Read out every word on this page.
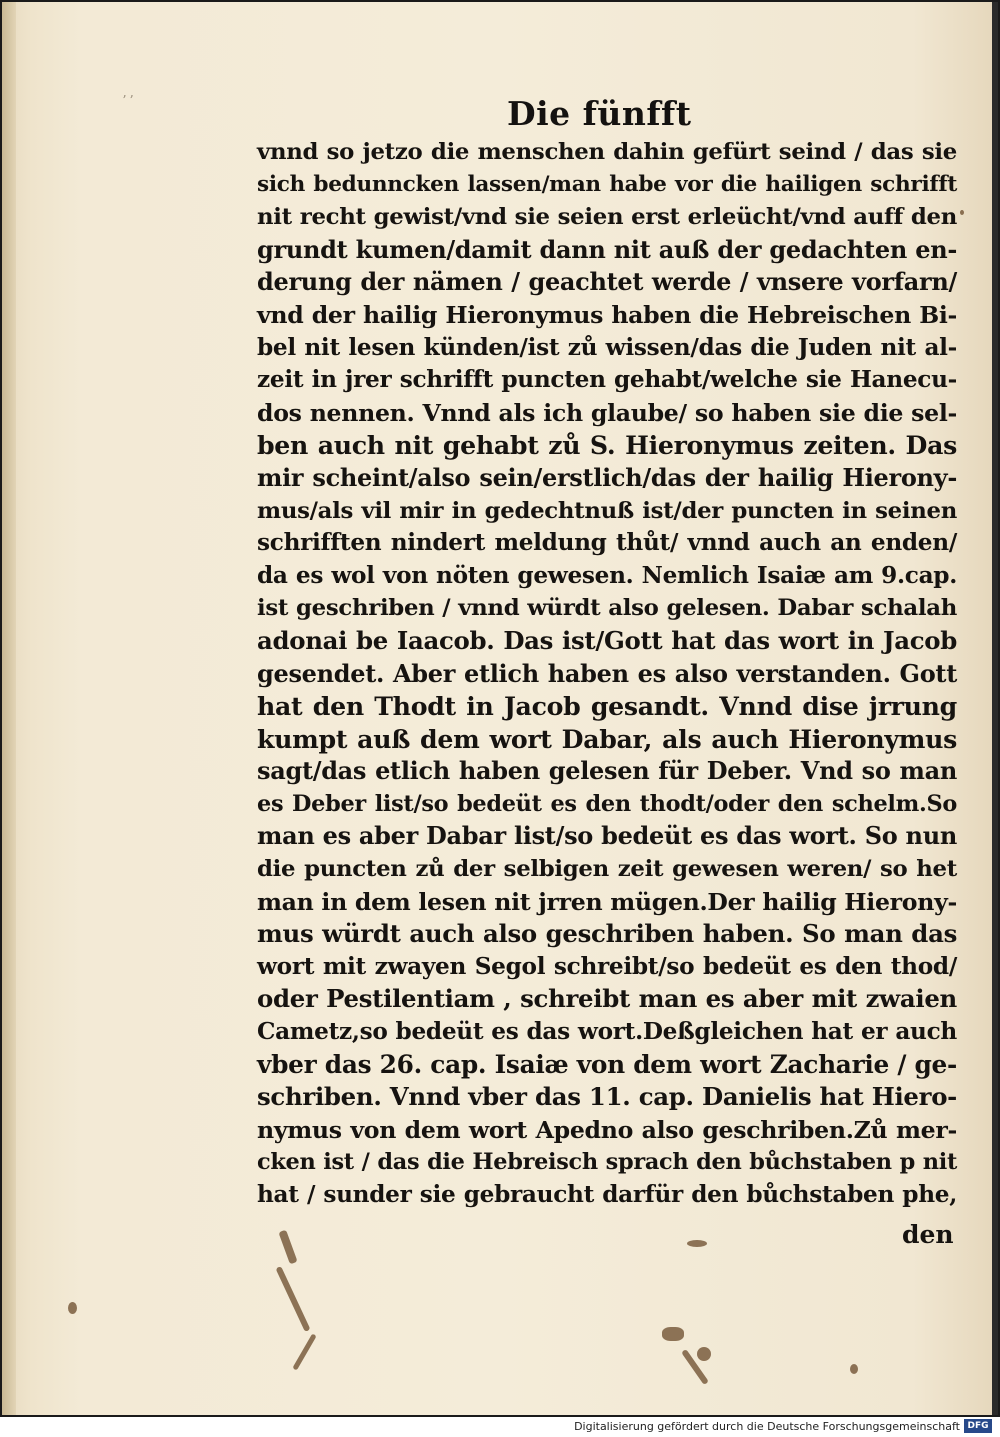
ʼʼ	Die fünfft
vnnd so jetzo die menschen dahin gefürt seind / das sie
sich bedunncken lassen/man habe vor die hailigen schrifft
nit recht gewist/vnd sie seien erst erleücht/vnd auff den
grundt kumen/damit dann nit auß der gedachten en-
derung der nämen / geachtet werde / vnsere vorfarn/
vnd der hailig Hieronymus haben die Hebreischen Bi-
bel nit lesen künden/ist zů wissen/das die Juden nit al-
zeit in jrer schrifft puncten gehabt/welche sie Hanecu-
dos nennen. Vnnd als ich glaube/ so haben sie die sel-
ben auch nit gehabt zů S. Hieronymus zeiten. Das
mir scheint/also sein/erstlich/das der hailig Hierony-
mus/als vil mir in gedechtnuß ist/der puncten in seinen
schrifften nindert meldung thůt/ vnnd auch an enden/
da es wol von nöten gewesen. Nemlich Isaiæ am 9.cap.
ist geschriben / vnnd würdt also gelesen. Dabar schalah
adonai be Iaacob. Das ist/Gott hat das wort in Jacob
gesendet. Aber etlich haben es also verstanden. Gott
hat den Thodt in Jacob gesandt. Vnnd dise jrrung
kumpt auß dem wort Dabar, als auch Hieronymus
sagt/das etlich haben gelesen für Deber. Vnd so man
es Deber list/so bedeüt es den thodt/oder den schelm.So
man es aber Dabar list/so bedeüt es das wort. So nun
die puncten zů der selbigen zeit gewesen weren/ so het
man in dem lesen nit jrren mügen.Der hailig Hierony-
mus würdt auch also geschriben haben. So man das
wort mit zwayen Segol schreibt/so bedeüt es den thod/
oder Pestilentiam , schreibt man es aber mit zwaien
Cametz,so bedeüt es das wort.Deßgleichen hat er auch
vber das 26. cap. Isaiæ von dem wort Zacharie / ge-
schriben. Vnnd vber das 11. cap. Danielis hat Hiero-
nymus von dem wort Apedno also geschriben.Zů mer-
cken ist / das die Hebreisch sprach den bůchstaben p nit
hat / sunder sie gebraucht darfür den bůchstaben phe,
den
Digitalisierung gefördert durch die Deutsche Forschungsgemeinschaft DFG
